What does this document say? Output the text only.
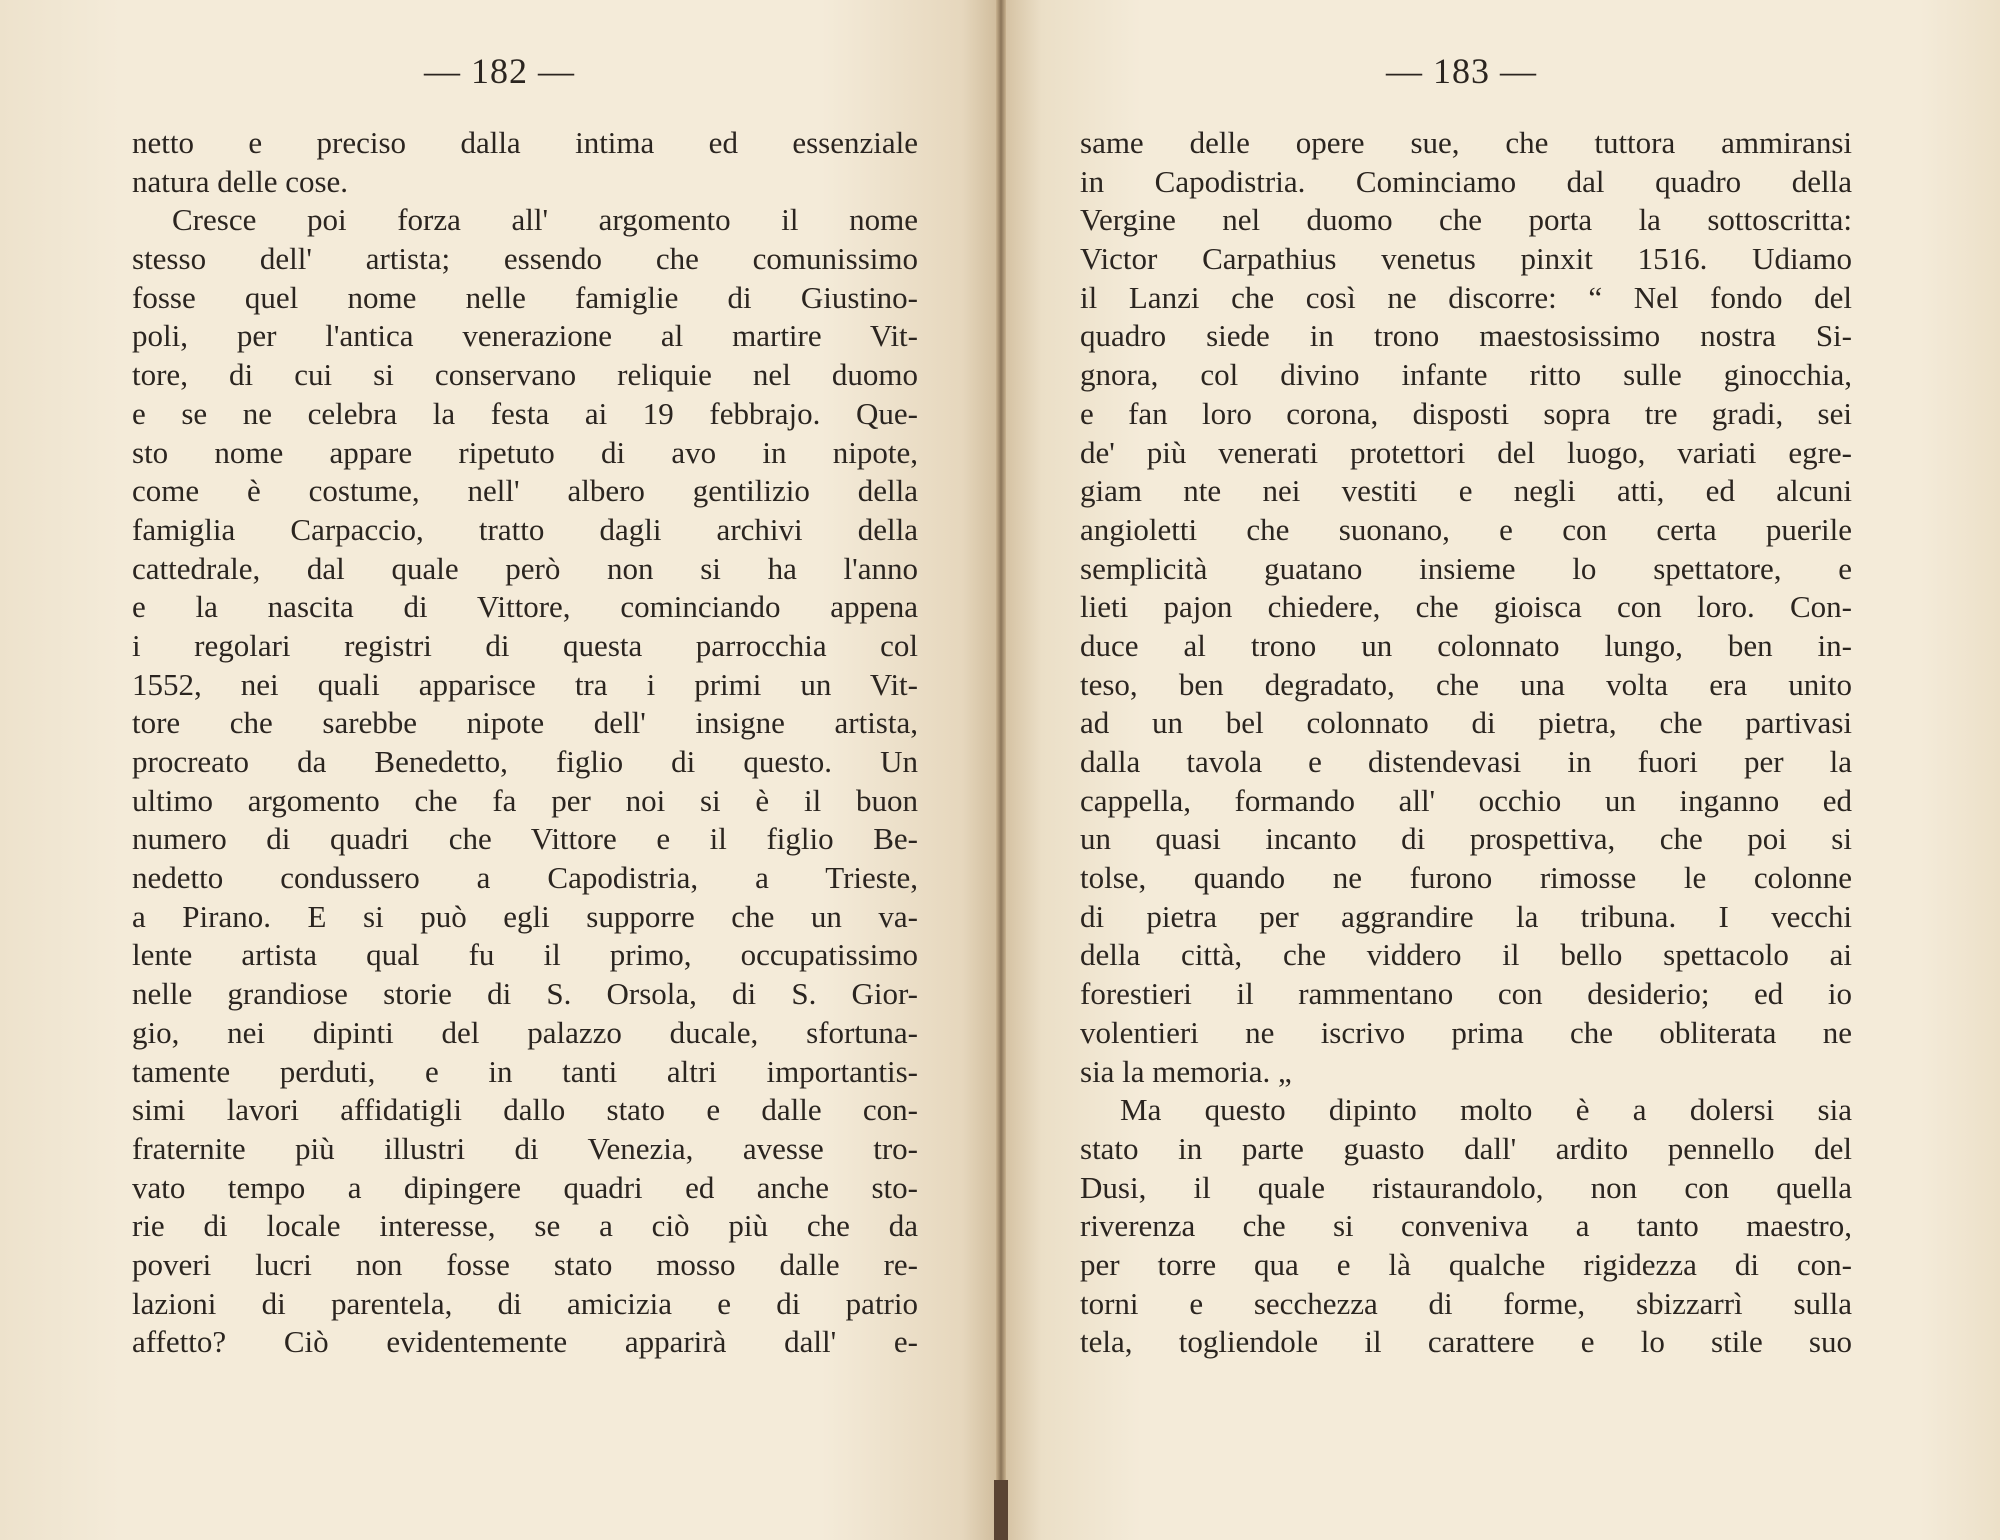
— 182 —
netto e preciso dalla intima ed essenziale
natura delle cose.
Cresce poi forza all' argomento il nome
stesso dell' artista; essendo che comunissimo
fosse quel nome nelle famiglie di Giustino-
poli, per l'antica venerazione al martire Vit-
tore, di cui si conservano reliquie nel duomo
e se ne celebra la festa ai 19 febbrajo. Que-
sto nome appare ripetuto di avo in nipote,
come è costume, nell' albero gentilizio della
famiglia Carpaccio, tratto dagli archivi della
cattedrale, dal quale però non si ha l'anno
e la nascita di Vittore, cominciando appena
i regolari registri di questa parrocchia col
1552, nei quali apparisce tra i primi un Vit-
tore che sarebbe nipote dell' insigne artista,
procreato da Benedetto, figlio di questo. Un
ultimo argomento che fa per noi si è il buon
numero di quadri che Vittore e il figlio Be-
nedetto condussero a Capodistria, a Trieste,
a Pirano. E si può egli supporre che un va-
lente artista qual fu il primo, occupatissimo
nelle grandiose storie di S. Orsola, di S. Gior-
gio, nei dipinti del palazzo ducale, sfortuna-
tamente perduti, e in tanti altri importantis-
simi lavori affidatigli dallo stato e dalle con-
fraternite più illustri di Venezia, avesse tro-
vato tempo a dipingere quadri ed anche sto-
rie di locale interesse, se a ciò più che da
poveri lucri non fosse stato mosso dalle re-
lazioni di parentela, di amicizia e di patrio
affetto? Ciò evidentemente apparirà dall' e-
— 183 —
same delle opere sue, che tuttora ammiransi
in Capodistria. Cominciamo dal quadro della
Vergine nel duomo che porta la sottoscritta:
Victor Carpathius venetus pinxit 1516. Udiamo
il Lanzi che così ne discorre: “ Nel fondo del
quadro siede in trono maestosissimo nostra Si-
gnora, col divino infante ritto sulle ginocchia,
e fan loro corona, disposti sopra tre gradi, sei
de' più venerati protettori del luogo, variati egre-
giam nte nei vestiti e negli atti, ed alcuni
angioletti che suonano, e con certa puerile
semplicità guatano insieme lo spettatore, e
lieti pajon chiedere, che gioisca con loro. Con-
duce al trono un colonnato lungo, ben in-
teso, ben degradato, che una volta era unito
ad un bel colonnato di pietra, che partivasi
dalla tavola e distendevasi in fuori per la
cappella, formando all' occhio un inganno ed
un quasi incanto di prospettiva, che poi si
tolse, quando ne furono rimosse le colonne
di pietra per aggrandire la tribuna. I vecchi
della città, che viddero il bello spettacolo ai
forestieri il rammentano con desiderio; ed io
volentieri ne iscrivo prima che obliterata ne
sia la memoria. „
Ma questo dipinto molto è a dolersi sia
stato in parte guasto dall' ardito pennello del
Dusi, il quale ristaurandolo, non con quella
riverenza che si conveniva a tanto maestro,
per torre qua e là qualche rigidezza di con-
torni e secchezza di forme, sbizzarrì sulla
tela, togliendole il carattere e lo stile suo
